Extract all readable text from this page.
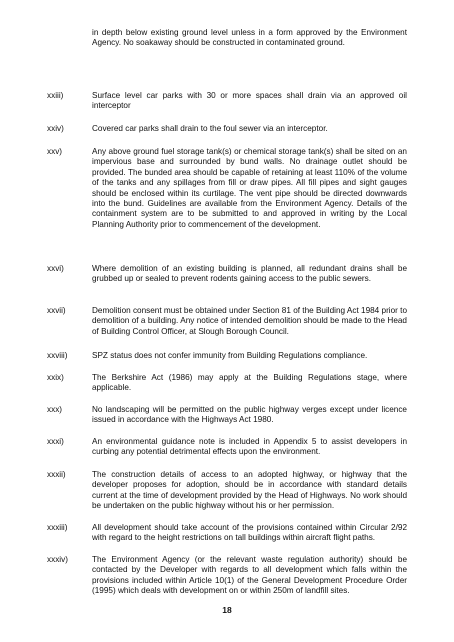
in depth below existing ground level unless in a form approved by the Environment Agency. No soakaway should be constructed in contaminated ground.

xxiii)	Surface level car parks with 30 or more spaces shall drain via an approved oil interceptor

xxiv)	Covered car parks shall drain to the foul sewer via an interceptor.

xxv)	Any above ground fuel storage tank(s) or chemical storage tank(s) shall be sited on an impervious base and surrounded by bund walls. No drainage outlet should be provided. The bunded area should be capable of retaining at least 110% of the volume of the tanks and any spillages from fill or draw pipes. All fill pipes and sight gauges should be enclosed within its curtilage. The vent pipe should be directed downwards into the bund. Guidelines are available from the Environment Agency. Details of the containment system are to be submitted to and approved in writing by the Local Planning Authority prior to commencement of the development.

xxvi)	Where demolition of an existing building is planned, all redundant drains shall be grubbed up or sealed to prevent rodents gaining access to the public sewers.

xxvii)	Demolition consent must be obtained under Section 81 of the Building Act 1984 prior to demolition of a building. Any notice of intended demolition should be made to the Head of Building Control Officer, at Slough Borough Council.

xxviii)	SPZ status does not confer immunity from Building Regulations compliance.

xxix)	The Berkshire Act (1986) may apply at the Building Regulations stage, where applicable.

xxx)	No landscaping will be permitted on the public highway verges except under licence issued in accordance with the Highways Act 1980.

xxxi)	An environmental guidance note is included in Appendix 5 to assist developers in curbing any potential detrimental effects upon the environment.

xxxii)	The construction details of access to an adopted highway, or highway that the developer proposes for adoption, should be in accordance with standard details current at the time of development provided by the Head of Highways. No work should be undertaken on the public highway without his or her permission.

xxxiii)	All development should take account of the provisions contained within Circular 2/92 with regard to the height restrictions on tall buildings within aircraft flight paths.

xxxiv)	The Environment Agency (or the relevant waste regulation authority) should be contacted by the Developer with regards to all development which falls within the provisions included within Article 10(1) of the General Development Procedure Order (1995) which deals with development on or within 250m of landfill sites.

18
